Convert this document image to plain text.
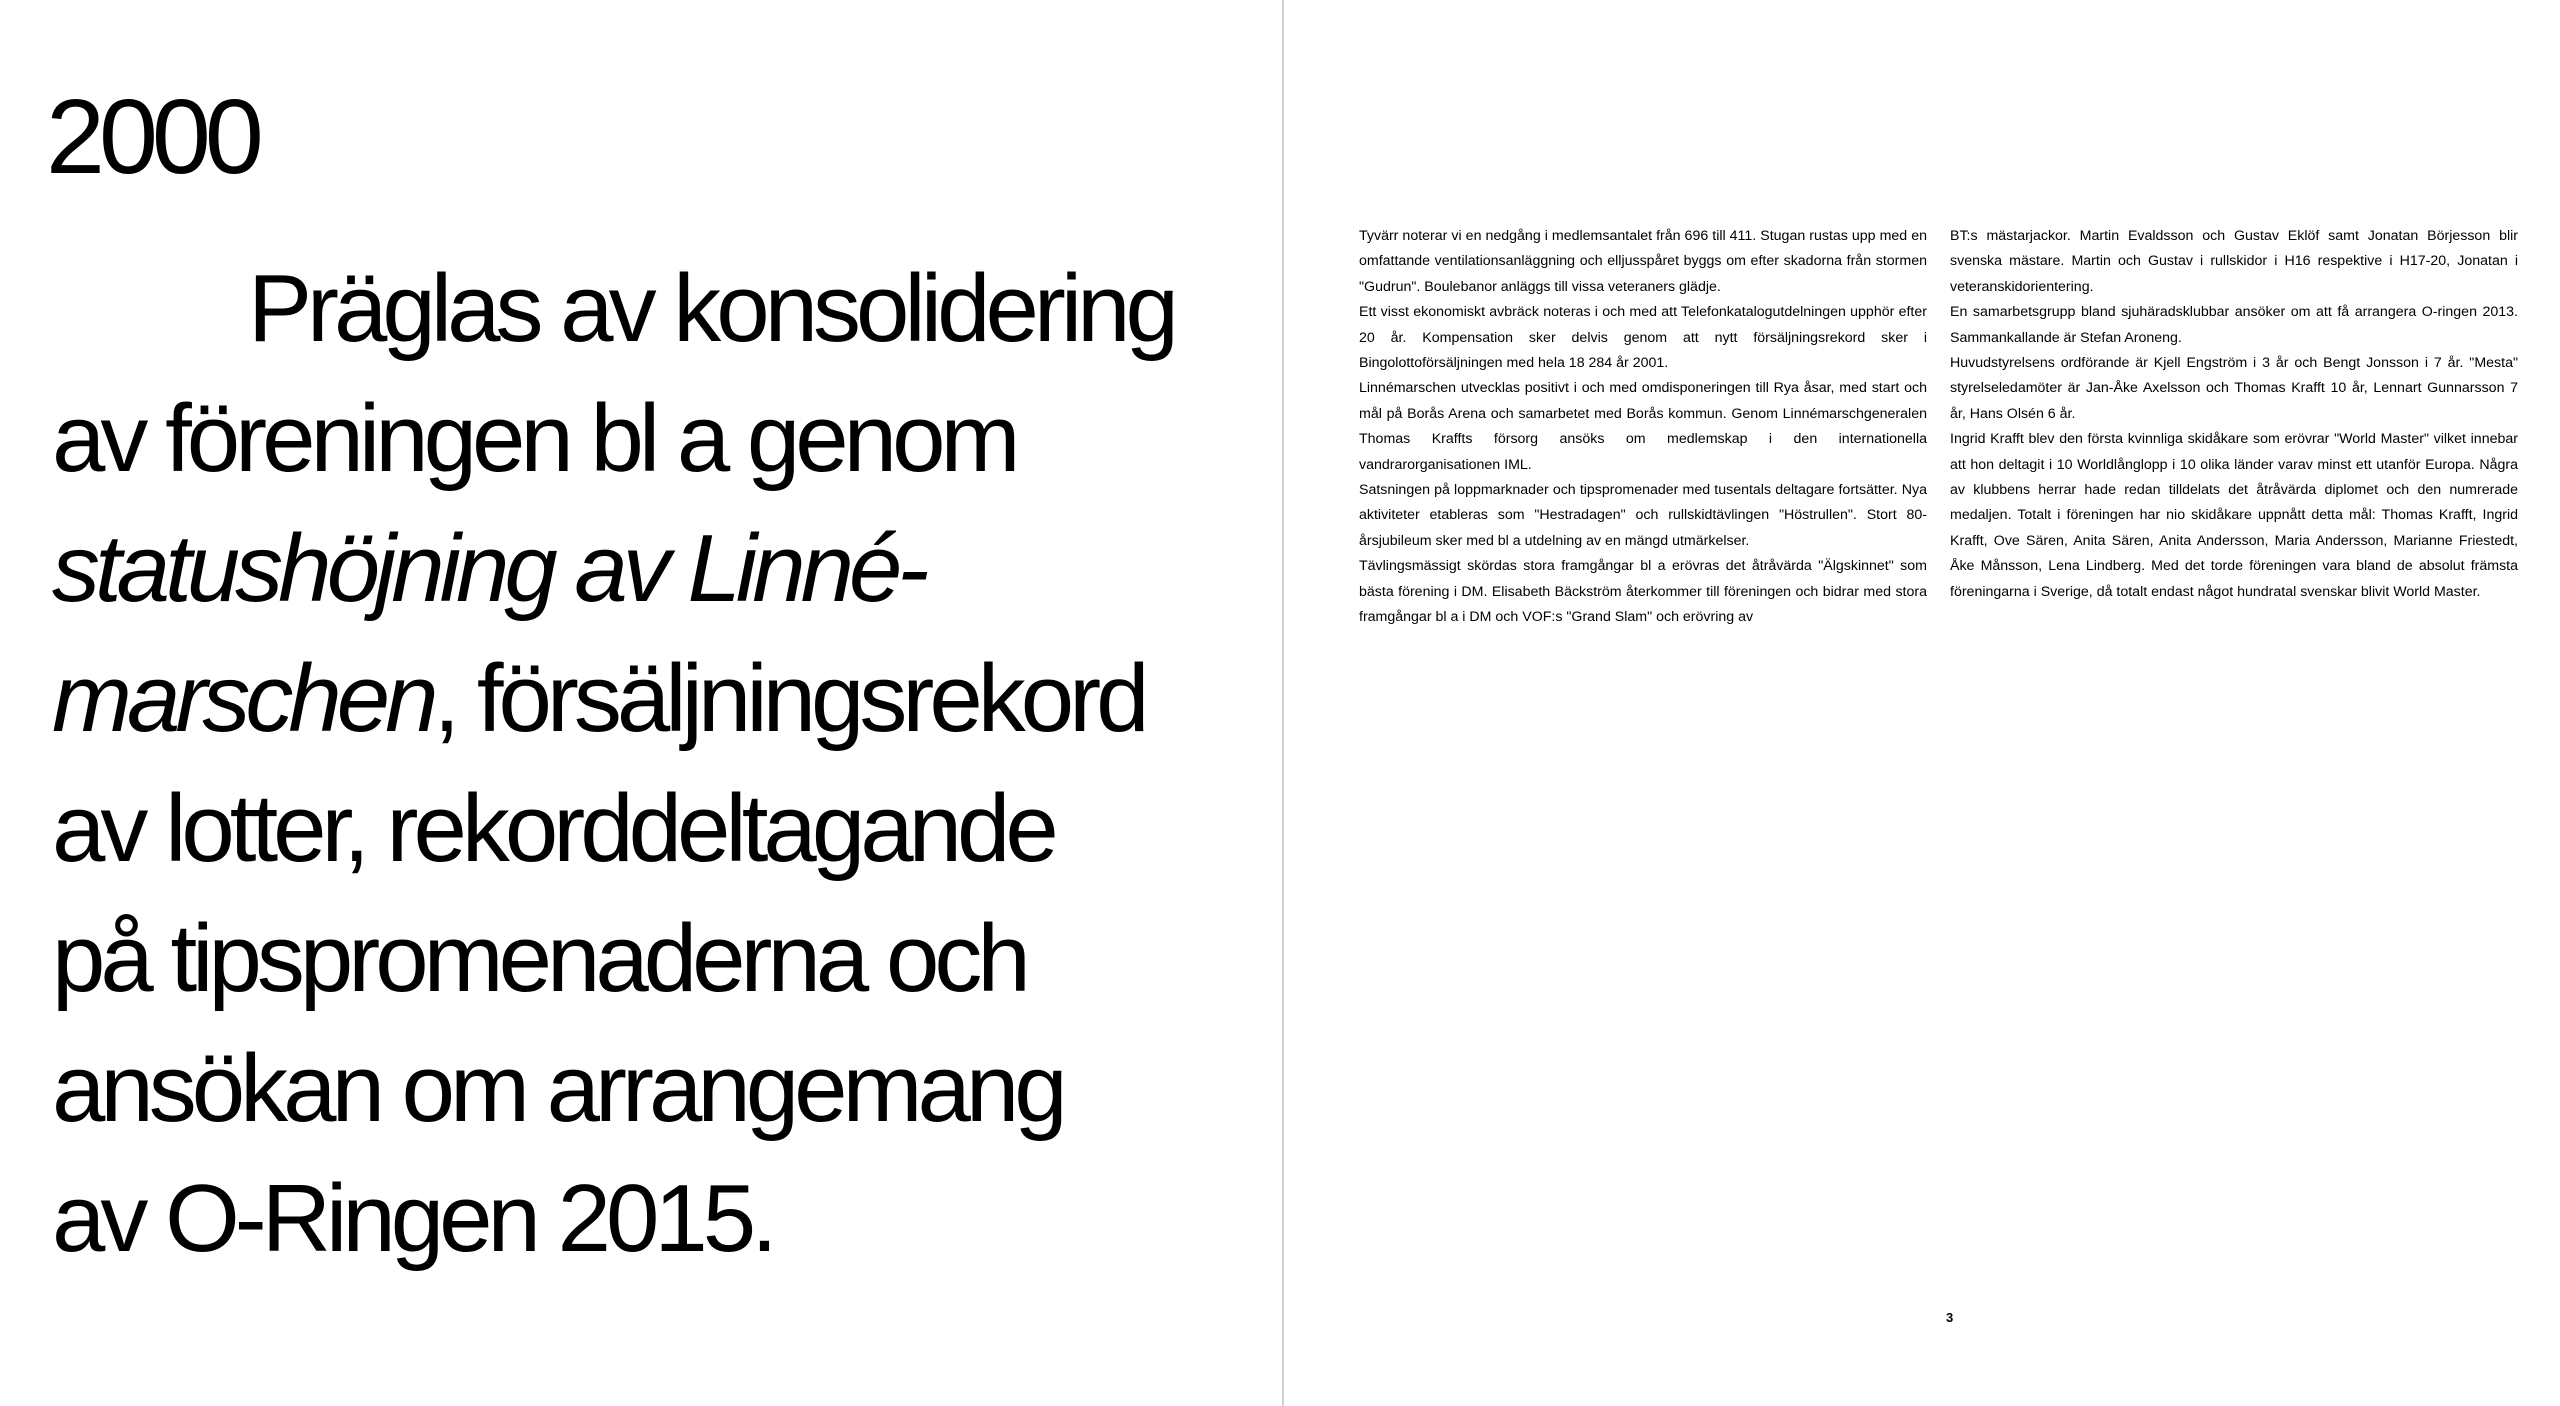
2000

Präglas av konsolidering
av föreningen bl a genom
statushöjning av Linné-
marschen, försäljningsrekord
av lotter, rekorddeltagande
på tipspromenaderna och
ansökan om arrangemang
av O-Ringen 2015.

Tyvärr noterar vi en nedgång i medlemsantalet från 696 till 411. Stugan rustas upp med en omfattande ventilationsanläggning och elljusspåret byggs om efter skadorna från stormen "Gudrun". Boulebanor anläggs till vissa veteraners glädje.

Ett visst ekonomiskt avbräck noteras i och med att Telefonkatalogutdelningen upphör efter 20 år. Kompensation sker delvis genom att nytt försäljningsrekord sker i Bingolottoförsäljningen med hela 18 284 år 2001.

Linnémarschen utvecklas positivt i och med omdisponeringen till Rya åsar, med start och mål på Borås Arena och samarbetet med Borås kommun. Genom Linnémarschgeneralen Thomas Kraffts försorg ansöks om medlemskap i den internationella vandrarorganisationen IML.

Satsningen på loppmarknader och tipspromenader med tusentals deltagare fortsätter. Nya aktiviteter etableras som "Hestradagen" och rullskidtävlingen "Höstrullen". Stort 80-årsjubileum sker med bl a utdelning av en mängd utmärkelser.

Tävlingsmässigt skördas stora framgångar bl a erövras det åtråvärda "Älgskinnet" som bästa förening i DM. Elisabeth Bäckström återkommer till föreningen och bidrar med stora framgångar bl a i DM och VOF:s "Grand Slam" och erövring av

BT:s mästarjackor. Martin Evaldsson och Gustav Eklöf samt Jonatan Börjesson blir svenska mästare. Martin och Gustav i rullskidor i H16 respektive i H17-20, Jonatan i veteranskidorientering.

En samarbetsgrupp bland sjuhäradsklubbar ansöker om att få arrangera O-ringen 2013. Sammankallande är Stefan Aroneng.

Huvudstyrelsens ordförande är Kjell Engström i 3 år och Bengt Jonsson i 7 år. "Mesta" styrelseledamöter är Jan-Åke Axelsson och Thomas Krafft 10 år, Lennart Gunnarsson 7 år, Hans Olsén 6 år.

Ingrid Krafft blev den första kvinnliga skidåkare som erövrar "World Master" vilket innebar att hon deltagit i 10 Worldlånglopp i 10 olika länder varav minst ett utanför Europa. Några av klubbens herrar hade redan tilldelats det åtråvärda diplomet och den numrerade medaljen. Totalt i föreningen har nio skidåkare uppnått detta mål: Thomas Krafft, Ingrid Krafft, Ove Sären, Anita Sären, Anita Andersson, Maria Andersson, Marianne Friestedt, Åke Månsson, Lena Lindberg. Med det torde föreningen vara bland de absolut främsta föreningarna i Sverige, då totalt endast något hundratal svenskar blivit World Master.

3
